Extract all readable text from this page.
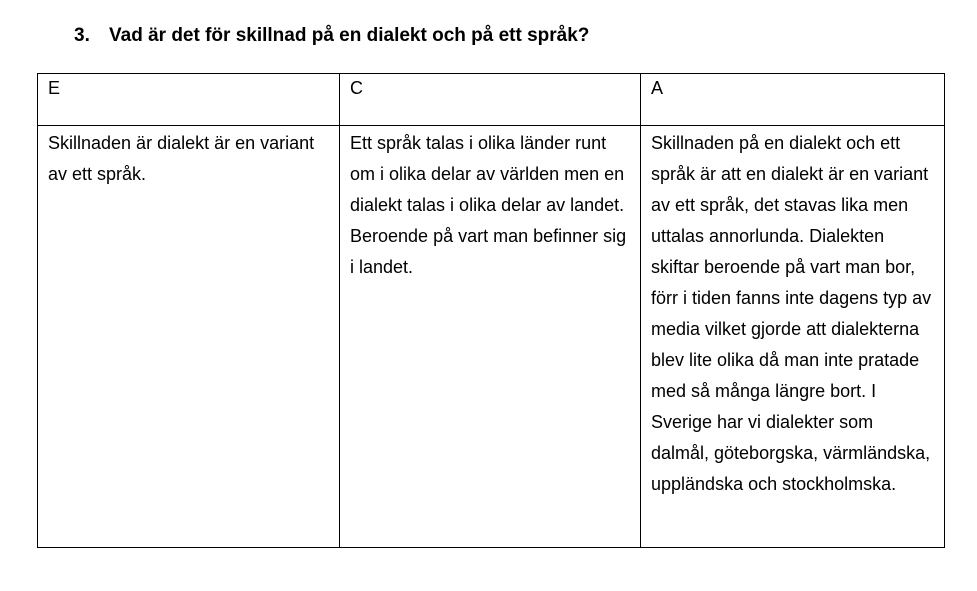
3. Vad är det för skillnad på en dialekt och på ett språk?
E	C	A
Skillnaden är dialekt är en variant av ett språk.	Ett språk talas i olika länder runt om i olika delar av världen men en dialekt talas i olika delar av landet. Beroende på vart man befinner sig i landet.	Skillnaden på en dialekt och ett språk är att en dialekt är en variant av ett språk, det stavas lika men uttalas annorlunda. Dialekten skiftar beroende på vart man bor, förr i tiden fanns inte dagens typ av media vilket gjorde att dialekterna blev lite olika då man inte pratade med så många längre bort. I Sverige har vi dialekter som dalmål, göteborgska, värmländska, uppländska och stockholmska.
